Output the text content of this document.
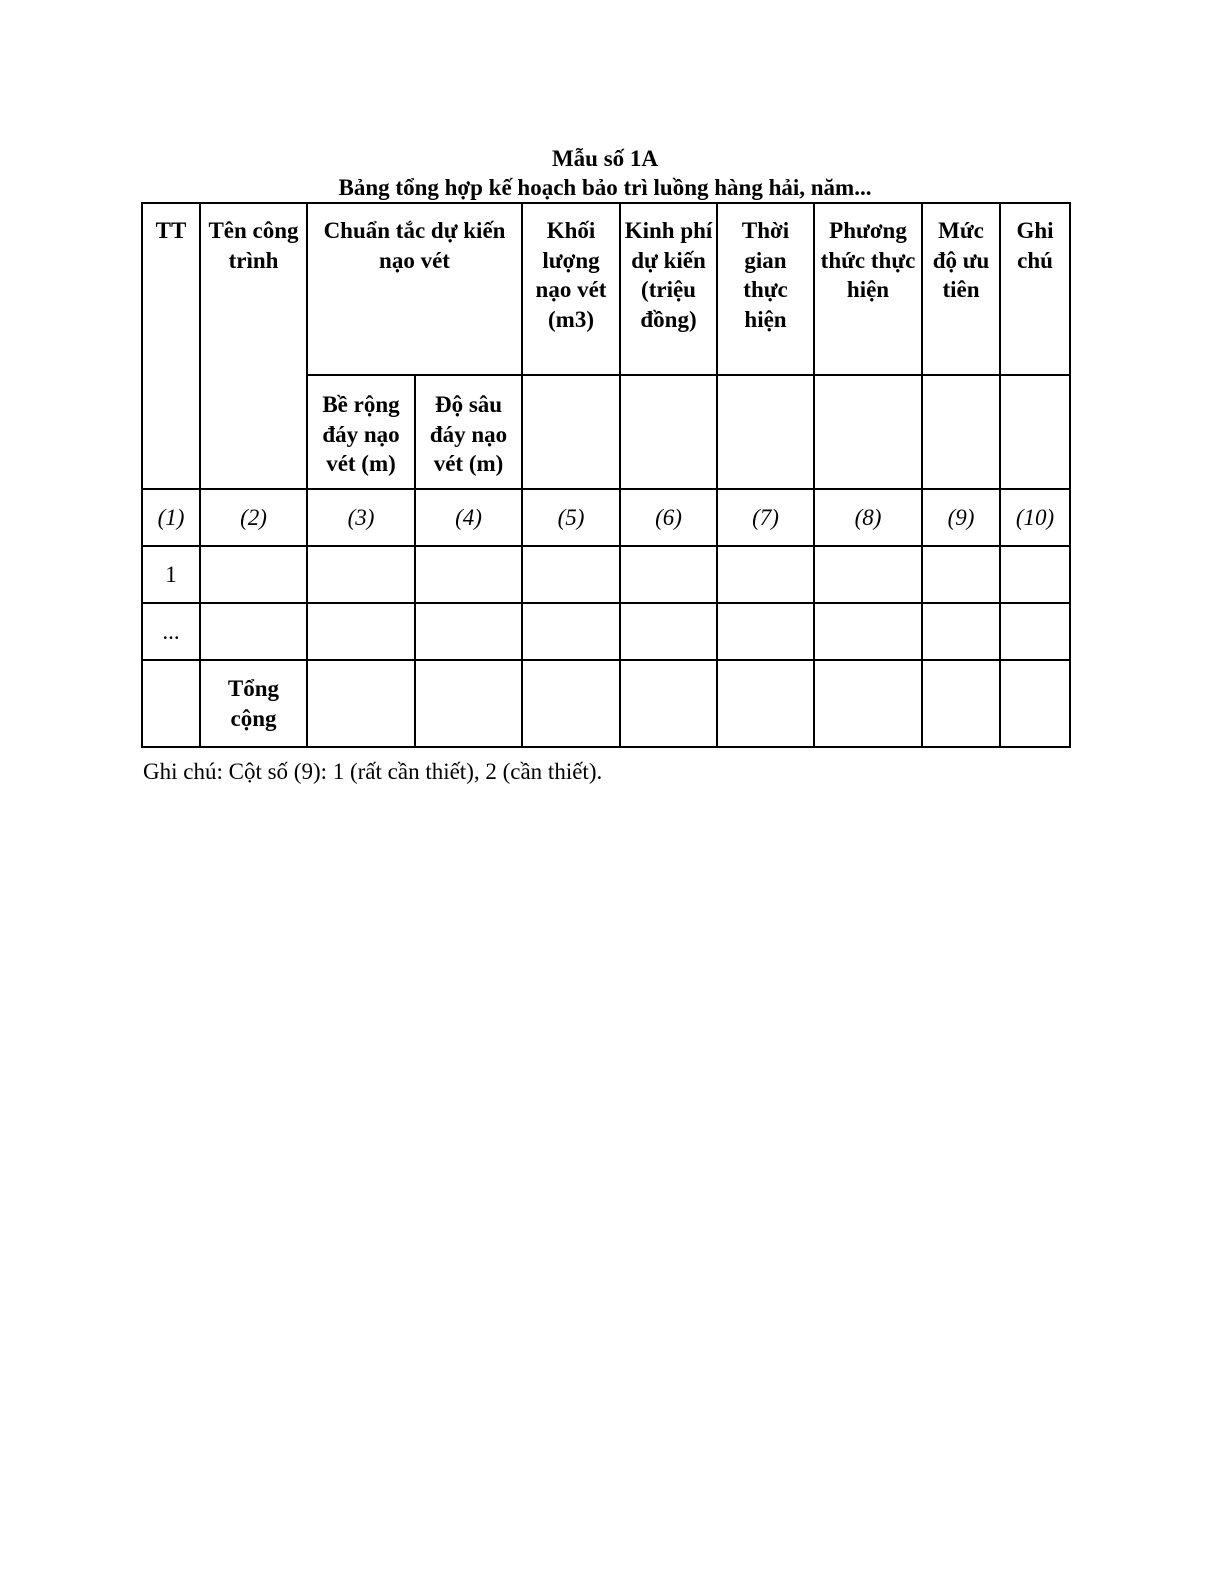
Mẫu số 1A
Bảng tổng hợp kế hoạch bảo trì luồng hàng hải, năm...
TT	Tên công trình	Chuẩn tắc dự kiến nạo vét		Khối lượng nạo vét (m3)	Kinh phí dự kiến (triệu đồng)	Thời gian thực hiện	Phương thức thực hiện	Mức độ ưu tiên	Ghi chú
		Bề rộng đáy nạo vét (m)	Độ sâu đáy nạo vét (m)						
(1)	(2)	(3)	(4)	(5)	(6)	(7)	(8)	(9)	(10)
1									
...									
	Tổng cộng								
Ghi chú: Cột số (9): 1 (rất cần thiết), 2 (cần thiết).
